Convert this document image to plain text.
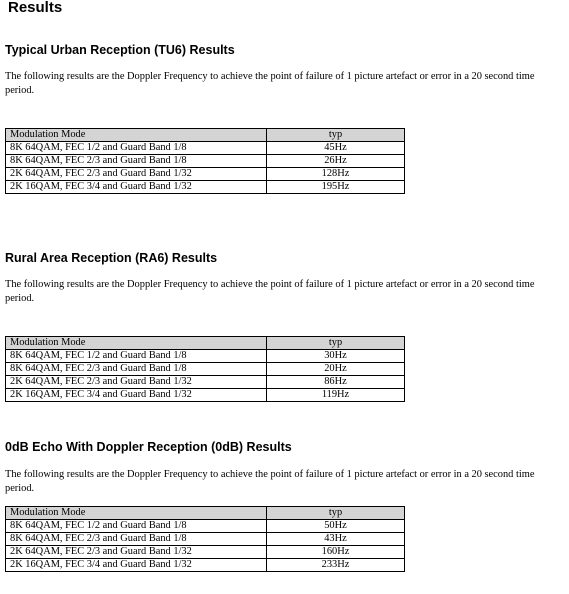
Results
Typical Urban Reception (TU6) Results

The following results are the Doppler Frequency to achieve the point of failure of 1 picture artefact or error in a 20 second time period.

Modulation Mode	typ
8K 64QAM, FEC 1/2 and Guard Band 1/8	45Hz
8K 64QAM, FEC 2/3 and Guard Band 1/8	26Hz
2K 64QAM, FEC 2/3 and Guard Band 1/32	128Hz
2K 16QAM, FEC 3/4 and Guard Band 1/32	195Hz
Rural Area Reception (RA6) Results

The following results are the Doppler Frequency to achieve the point of failure of 1 picture artefact or error in a 20 second time period.

Modulation Mode	typ
8K 64QAM, FEC 1/2 and Guard Band 1/8	30Hz
8K 64QAM, FEC 2/3 and Guard Band 1/8	20Hz
2K 64QAM, FEC 2/3 and Guard Band 1/32	86Hz
2K 16QAM, FEC 3/4 and Guard Band 1/32	119Hz
0dB Echo With Doppler Reception (0dB) Results

The following results are the Doppler Frequency to achieve the point of failure of 1 picture artefact or error in a 20 second time period.

Modulation Mode	typ
8K 64QAM, FEC 1/2 and Guard Band 1/8	50Hz
8K 64QAM, FEC 2/3 and Guard Band 1/8	43Hz
2K 64QAM, FEC 2/3 and Guard Band 1/32	160Hz
2K 16QAM, FEC 3/4 and Guard Band 1/32	233Hz
